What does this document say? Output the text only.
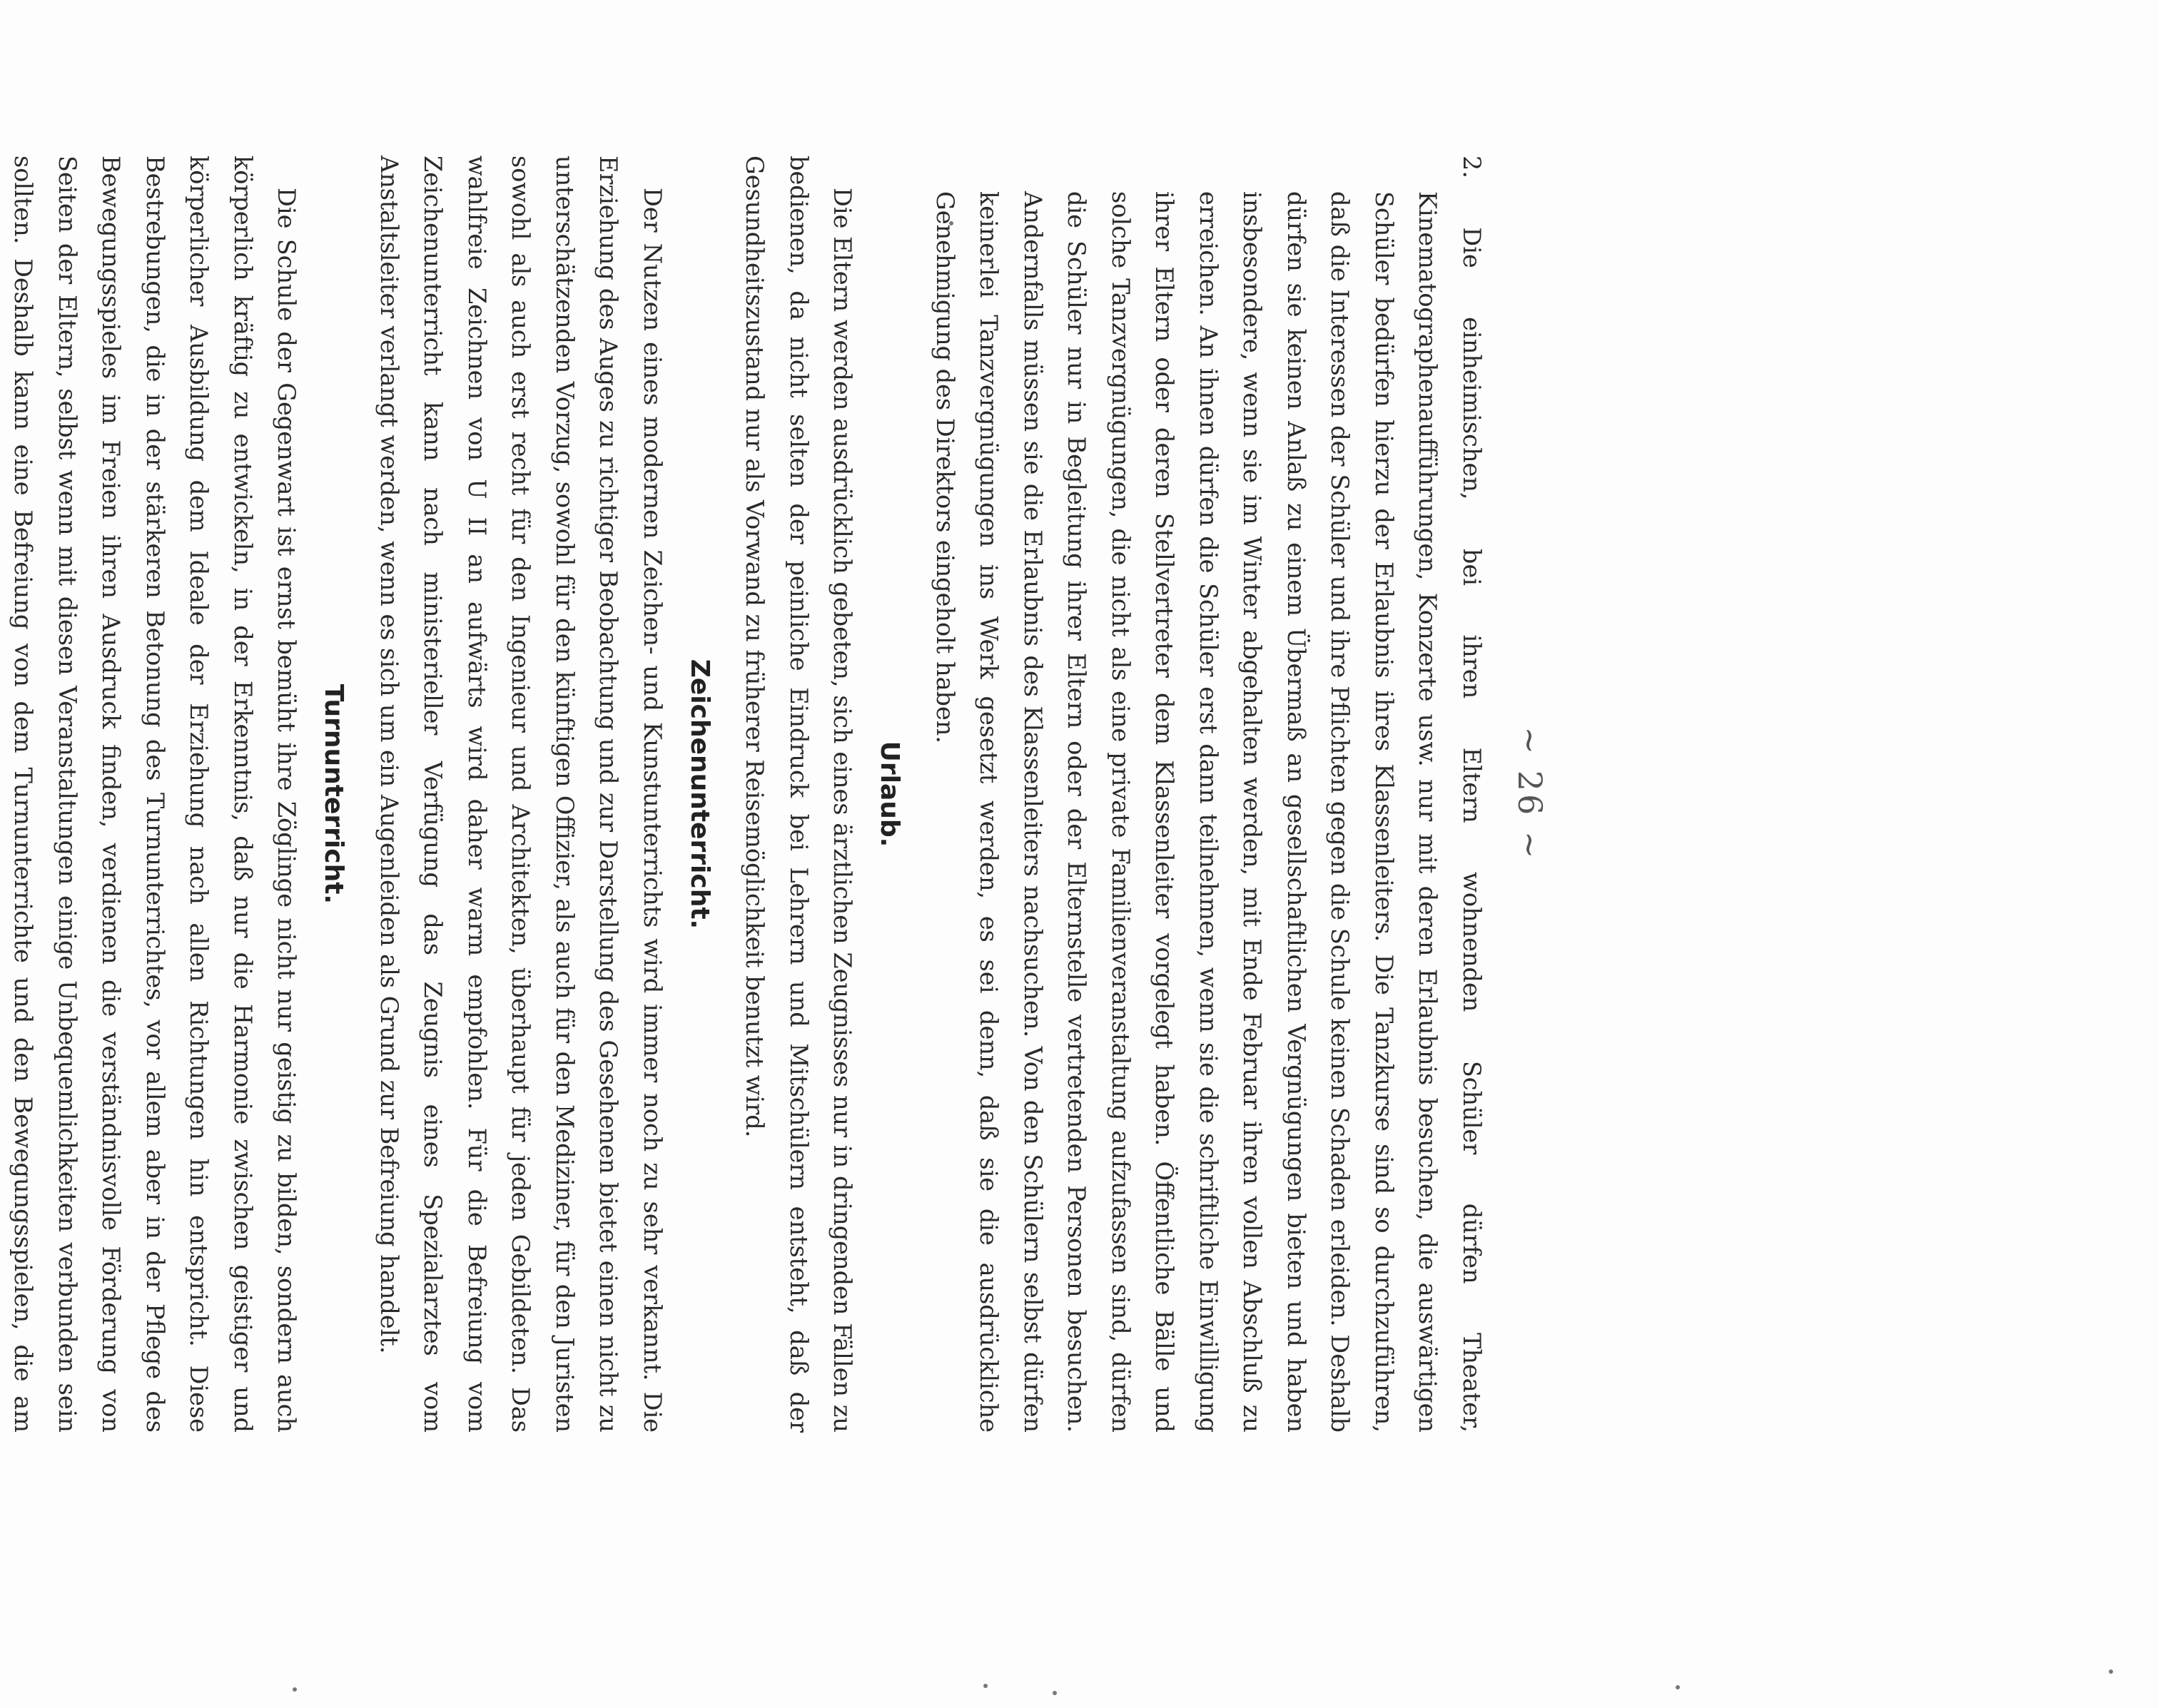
~ 26 ~

2. Die einheimischen, bei ihren Eltern wohnenden Schüler dürfen Theater, Kinematographenaufführungen, Konzerte usw. nur mit deren Erlaubnis besuchen, die auswärtigen Schüler bedürfen hierzu der Erlaubnis ihres Klassenleiters. Die Tanzkurse sind so durchzuführen, daß die Interessen der Schüler und ihre Pflichten gegen die Schule keinen Schaden erleiden. Deshalb dürfen sie keinen Anlaß zu einem Übermaß an gesellschaftlichen Vergnügungen bieten und haben insbesondere, wenn sie im Winter abgehalten werden, mit Ende Februar ihren vollen Abschluß zu erreichen. An ihnen dürfen die Schüler erst dann teilnehmen, wenn sie die schriftliche Einwilligung ihrer Eltern oder deren Stellvertreter dem Klassenleiter vorgelegt haben. Öffentliche Bälle und solche Tanzvergnügungen, die nicht als eine private Familienveranstaltung aufzufassen sind, dürfen die Schüler nur in Begleitung ihrer Eltern oder der Elternstelle vertretenden Personen besuchen. Andernfalls müssen sie die Erlaubnis des Klassenleiters nachsuchen. Von den Schülern selbst dürfen keinerlei Tanzvergnügungen ins Werk gesetzt werden, es sei denn, daß sie die ausdrückliche Genehmigung des Direktors eingeholt haben.

Urlaub.

Die Eltern werden ausdrücklich gebeten, sich eines ärztlichen Zeugnisses nur in dringenden Fällen zu bedienen, da nicht selten der peinliche Eindruck bei Lehrern und Mitschülern entsteht, daß der Gesundheitszustand nur als Vorwand zu früherer Reisemöglichkeit benutzt wird.

Zeichenunterricht.

Der Nutzen eines modernen Zeichen- und Kunstunterrichts wird immer noch zu sehr verkannt. Die Erziehung des Auges zu richtiger Beobachtung und zur Darstellung des Gesehenen bietet einen nicht zu unterschätzenden Vorzug, sowohl für den künftigen Offizier, als auch für den Mediziner, für den Juristen sowohl als auch erst recht für den Ingenieur und Architekten, überhaupt für jeden Gebildeten. Das wahlfreie Zeichnen von U II an aufwärts wird daher warm empfohlen. Für die Befreiung vom Zeichenunterricht kann nach ministerieller Verfügung das Zeugnis eines Spezialarztes vom Anstaltsleiter verlangt werden, wenn es sich um ein Augenleiden als Grund zur Befreiung handelt.

Turnunterricht.

Die Schule der Gegenwart ist ernst bemüht ihre Zöglinge nicht nur geistig zu bilden, sondern auch körperlich kräftig zu entwickeln, in der Erkenntnis, daß nur die Harmonie zwischen geistiger und körperlicher Ausbildung dem Ideale der Erziehung nach allen Richtungen hin entspricht. Diese Bestrebungen, die in der stärkeren Betonung des Turnunterrichtes, vor allem aber in der Pflege des Bewegungsspieles im Freien ihren Ausdruck finden, verdienen die verständnisvolle Förderung von Seiten der Eltern, selbst wenn mit diesen Veranstaltungen einige Unbequemlichkeiten verbunden sein sollten. Deshalb kann eine Befreiung von dem Turnunterrichte und den Bewegungsspielen, die am
